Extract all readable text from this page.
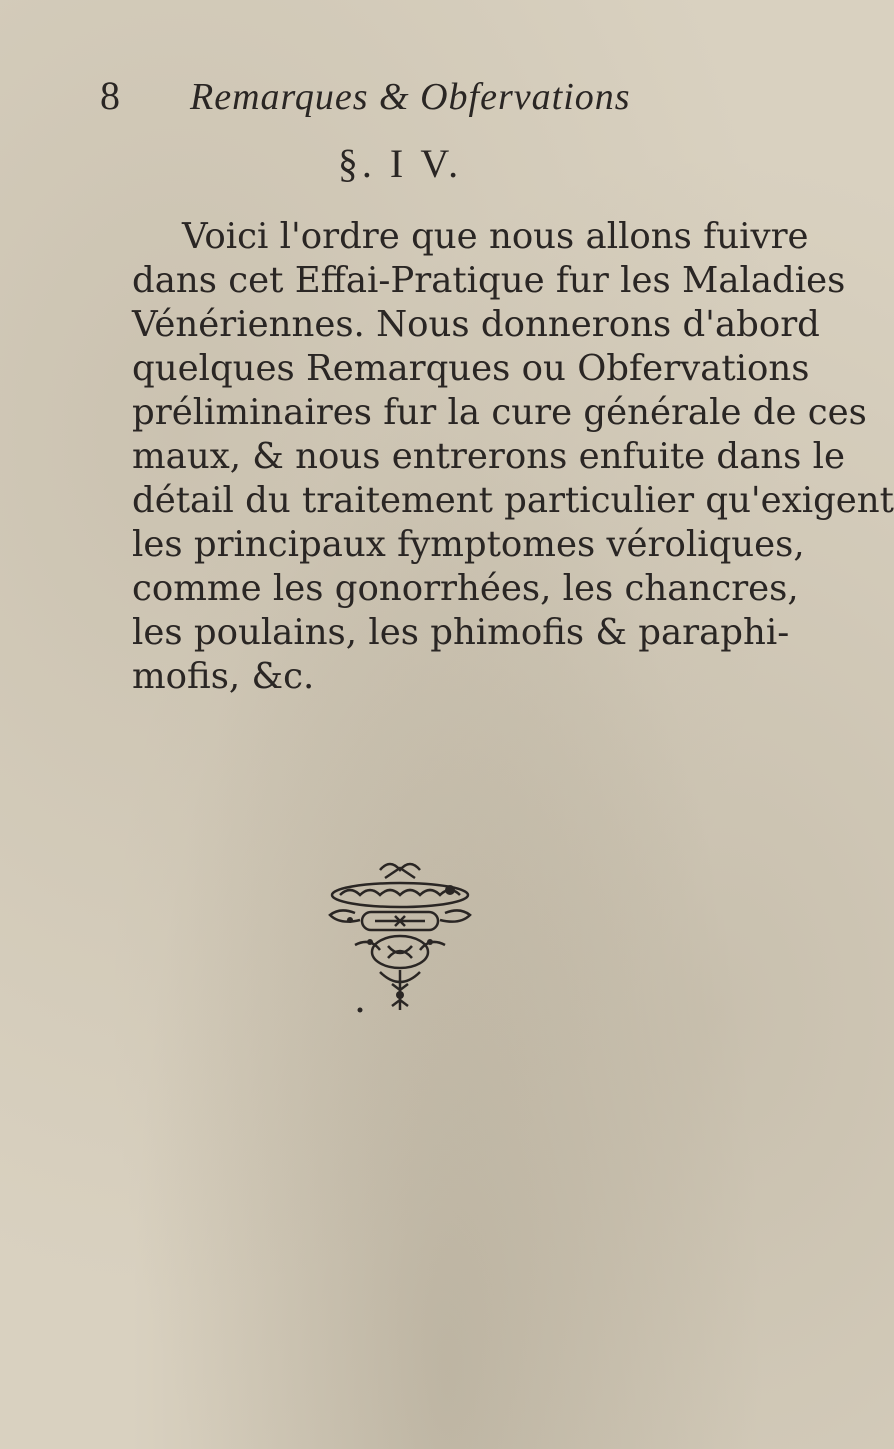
8	Remarques & Obfervations
§. I V.
Voici l'ordre que nous allons fuivre
dans cet Effai-Pratique fur les Maladies
Vénériennes. Nous donnerons d'abord
quelques Remarques ou Obfervations
préliminaires fur la cure générale de ces
maux, & nous entrerons enfuite dans le
détail du traitement particulier qu'exigent
les principaux fymptomes véroliques,
comme les gonorrhées, les chancres,
les poulains, les phimofis & paraphi-
mofis, &c.
